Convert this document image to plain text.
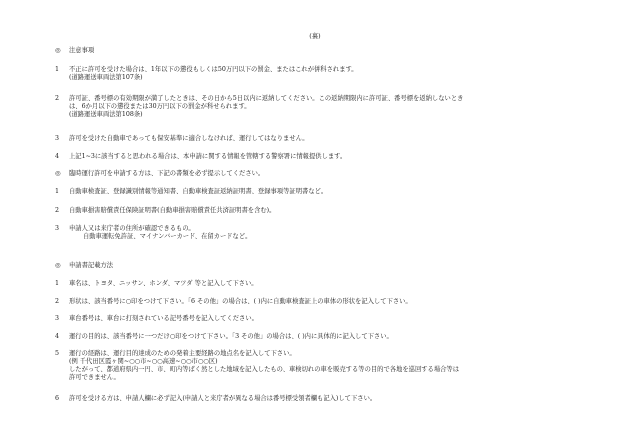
(裏)
◎	注意事項
1	不正に許可を受けた場合は、1年以下の懲役もしくは50万円以下の罰金、またはこれが併科されます。
(道路運送車両法第107条)
2	許可証、番号標の有効期限が満了したときは、その日から5日以内に返納してください。この返納期限内に許可証、番号標を返納しないとき
は、6か月以下の懲役または30万円以下の罰金が科せられます。
(道路運送車両法第108条)
3	許可を受けた自動車であっても保安基準に適合しなければ、運行してはなりません。
4	上記1~3に該当すると思われる場合は、本申請に関する情報を管轄する警察署に情報提供します。
◎	臨時運行許可を申請する方は、下記の書類を必ず提示してください。
1	自動車検査証、登録識別情報等通知書、自動車検査証返納証明書、登録事項等証明書など。
2	自動車損害賠償責任保険証明書(自動車損害賠償責任共済証明書を含む)。
3	申請人又は来庁者の住所が確認できるもの。
自動車運転免許証、マイナンバーカード、在留カードなど。
◎	申請書記載方法
1	車名は、トヨタ、ニッサン、ホンダ、マツダ 等と記入して下さい。
2	形状は、該当番号に○印をつけて下さい。「6 その他」の場合は、( )内に自動車検査証上の車体の形状を記入して下さい。
3	車台番号は、車台に打刻されている記号番号を記入してください。
4	運行の目的は、該当番号に一つだけ○印をつけて下さい。「3 その他」の場合は、( )内に具体的に記入して下さい。
5	運行の経路は、運行目的達成のための発着主要経路の地点名を記入して下さい。
(例 千代田区霞ヶ関~○○市~○○高速~○○市○○区)
したがって、都道府県内一円、市、町内等ばく然とした地域を記入したもの、車検切れの車を販売する等の目的で各地を巡回する場合等は
許可できません。
6	許可を受ける方は、申請人欄に必ず記入(申請人と来庁者が異なる場合は番号標受領者欄も記入)して下さい。
